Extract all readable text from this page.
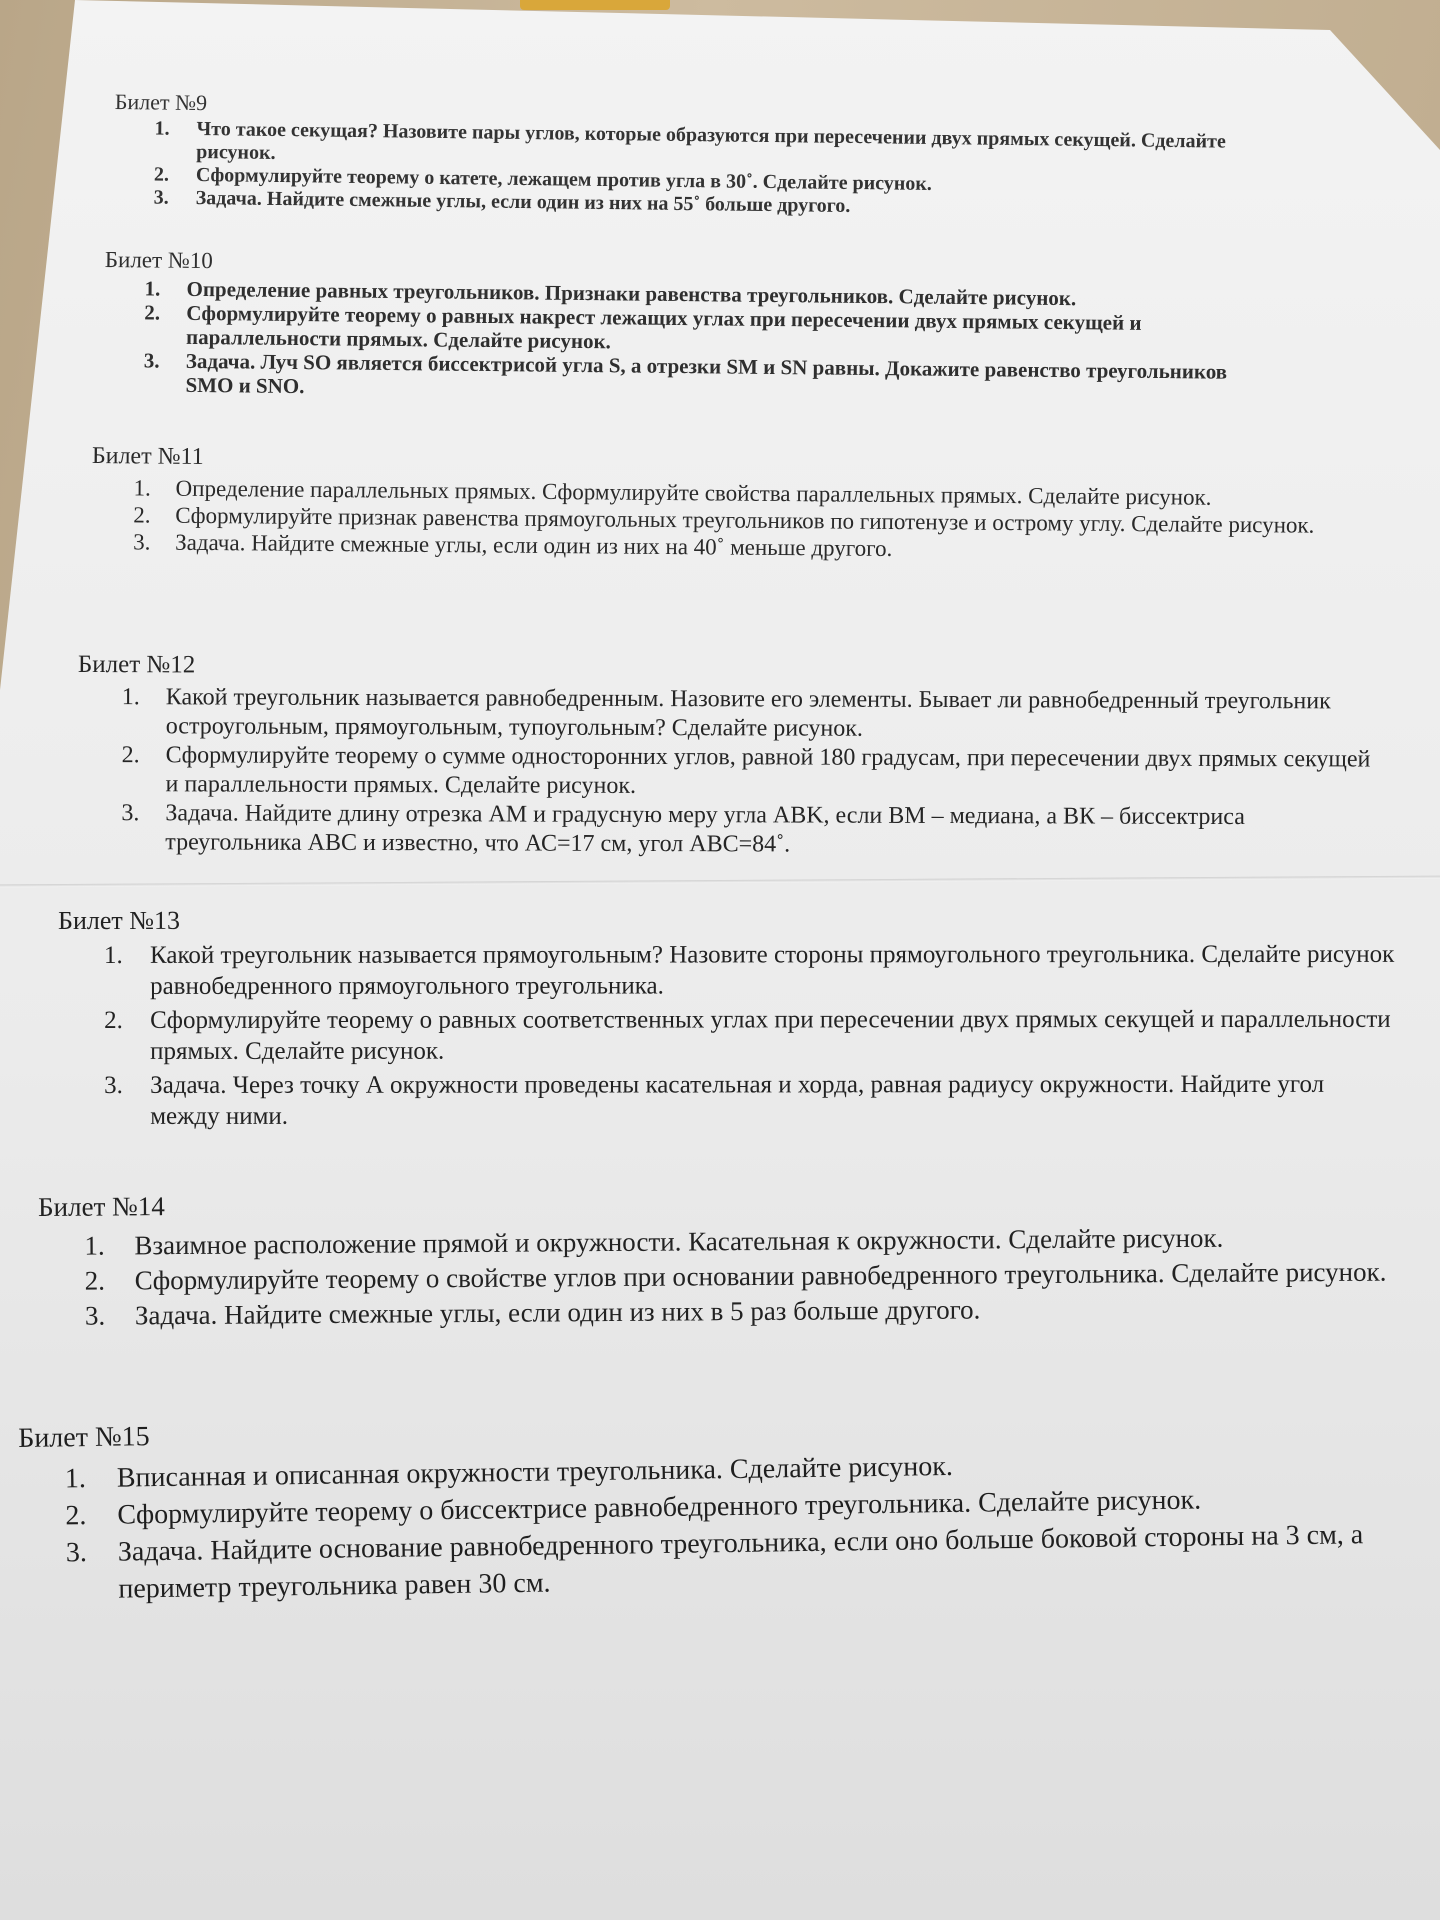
Билет №9
1. Что такое секущая? Назовите пары углов, которые образуются при пересечении двух прямых секущей. Сделайте рисунок.
2. Сформулируйте теорему о катете, лежащем против угла в 30˚. Сделайте рисунок.
3. Задача. Найдите смежные углы, если один из них на 55˚ больше другого.
Билет №10
1. Определение равных треугольников. Признаки равенства треугольников. Сделайте рисунок.
2. Сформулируйте теорему о равных накрест лежащих углах при пересечении двух прямых секущей и параллельности прямых. Сделайте рисунок.
3. Задача. Луч SO является биссектрисой угла S, а отрезки SM и SN равны. Докажите равенство треугольников SMO и SNO.
Билет №11
1. Определение параллельных прямых. Сформулируйте свойства параллельных прямых. Сделайте рисунок.
2. Сформулируйте признак равенства прямоугольных треугольников по гипотенузе и острому углу. Сделайте рисунок.
3. Задача. Найдите смежные углы, если один из них на 40˚ меньше другого.
Билет №12
1. Какой треугольник называется равнобедренным. Назовите его элементы. Бывает ли равнобедренный треугольник остроугольным, прямоугольным, тупоугольным? Сделайте рисунок.
2. Сформулируйте теорему о сумме односторонних углов, равной 180 градусам, при пересечении двух прямых секущей и параллельности прямых. Сделайте рисунок.
3. Задача. Найдите длину отрезка АМ и градусную меру угла ABK, если ВМ – медиана, а ВК – биссектриса треугольника АВС и известно, что АС=17 см, угол АВС=84˚.
Билет №13
1. Какой треугольник называется прямоугольным? Назовите стороны прямоугольного треугольника. Сделайте рисунок равнобедренного прямоугольного треугольника.
2. Сформулируйте теорему о равных соответственных углах при пересечении двух прямых секущей и параллельности прямых. Сделайте рисунок.
3. Задача. Через точку А окружности проведены касательная и хорда, равная радиусу окружности. Найдите угол между ними.
Билет №14
1. Взаимное расположение прямой и окружности. Касательная к окружности. Сделайте рисунок.
2. Сформулируйте теорему о свойстве углов при основании равнобедренного треугольника. Сделайте рисунок.
3. Задача. Найдите смежные углы, если один из них в 5 раз больше другого.
Билет №15
1. Вписанная и описанная окружности треугольника. Сделайте рисунок.
2. Сформулируйте теорему о биссектрисе равнобедренного треугольника. Сделайте рисунок.
3. Задача. Найдите основание равнобедренного треугольника, если оно больше боковой стороны на 3 см, а периметр треугольника равен 30 см.
